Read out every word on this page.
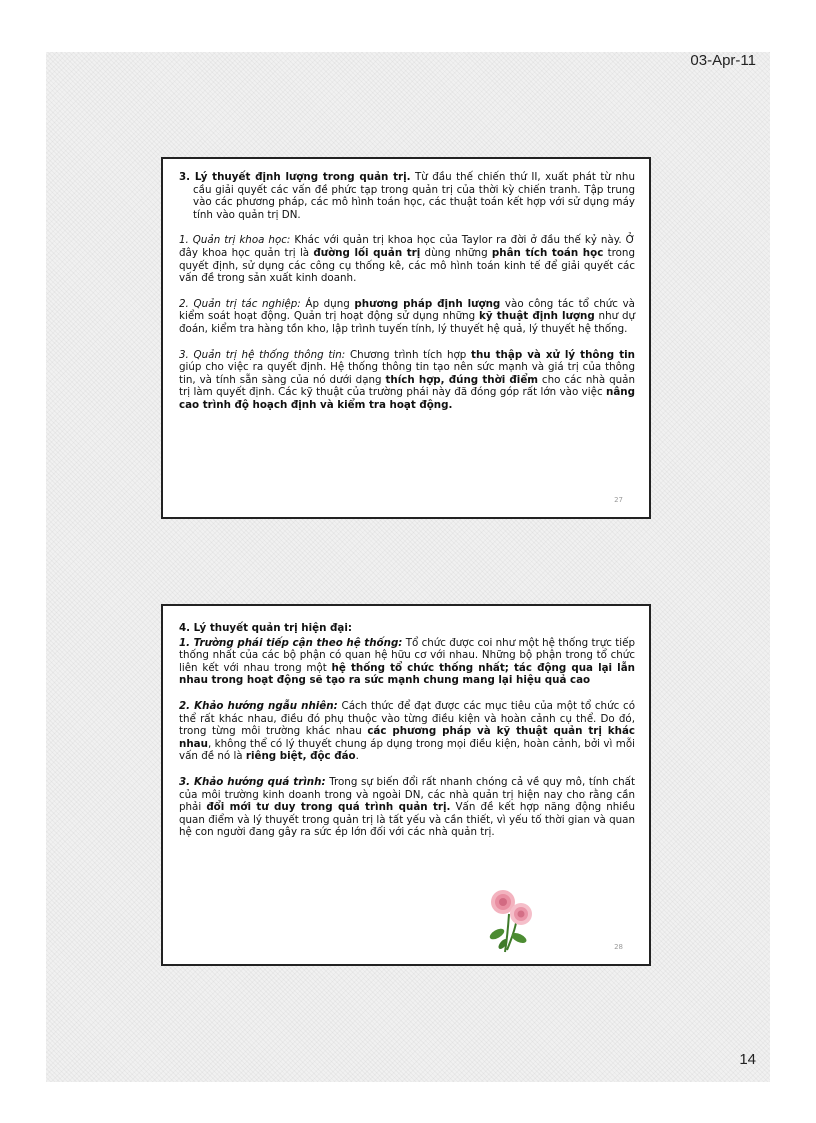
03-Apr-11

3. Lý thuyết định lượng trong quản trị. Từ đầu thế chiến thứ II, xuất phát từ nhu cầu giải quyết các vấn đề phức tạp trong quản trị của thời kỳ chiến tranh. Tập trung vào các phương pháp, các mô hình toán học, các thuật toán kết hợp với sử dụng máy tính vào quản trị DN.

1. Quản trị khoa học: Khác với quản trị khoa học của Taylor ra đời ở đầu thế kỷ này. Ở đây khoa học quản trị là đường lối quản trị dùng những phân tích toán học trong quyết định, sử dụng các công cụ thống kê, các mô hình toán kinh tế để giải quyết các vấn đề trong sản xuất kinh doanh.

2. Quản trị tác nghiệp: Áp dụng phương pháp định lượng vào công tác tổ chức và kiểm soát hoạt động. Quản trị hoạt động sử dụng những kỹ thuật định lượng như dự đoán, kiểm tra hàng tồn kho, lập trình tuyến tính, lý thuyết hệ quả, lý thuyết hệ thống.

3. Quản trị hệ thống thông tin: Chương trình tích hợp thu thập và xử lý thông tin giúp cho việc ra quyết định. Hệ thống thông tin tạo nên sức mạnh và giá trị của thông tin, và tính sẵn sàng của nó dưới dạng thích hợp, đúng thời điểm cho các nhà quản trị làm quyết định. Các kỹ thuật của trường phái này đã đóng góp rất lớn vào việc nâng cao trình độ hoạch định và kiểm tra hoạt động.

27

4. Lý thuyết quản trị hiện đại:

1. Trường phái tiếp cận theo hệ thống: Tổ chức được coi như một hệ thống trực tiếp thống nhất của các bộ phận có quan hệ hữu cơ với nhau. Những bộ phận trong tổ chức liên kết với nhau trong một hệ thống tổ chức thống nhất; tác động qua lại lẫn nhau trong hoạt động sẽ tạo ra sức mạnh chung mang lại hiệu quả cao

2. Khảo hướng ngẫu nhiên: Cách thức để đạt được các mục tiêu của một tổ chức có thể rất khác nhau, điều đó phụ thuộc vào từng điều kiện và hoàn cảnh cụ thể. Do đó, trong từng môi trường khác nhau các phương pháp và kỹ thuật quản trị khác nhau, không thể có lý thuyết chung áp dụng trong mọi điều kiện, hoàn cảnh, bởi vì mỗi vấn đề nó là riêng biệt, độc đáo.

3. Khảo hướng quá trình: Trong sự biến đổi rất nhanh chóng cả về quy mô, tính chất của môi trường kinh doanh trong và ngoài DN, các nhà quản trị hiện nay cho rằng cần phải đổi mới tư duy trong quá trình quản trị. Vấn đề kết hợp năng động nhiều quan điểm và lý thuyết trong quản trị là tất yếu và cần thiết, vì yếu tố thời gian và quan hệ con người đang gây ra sức ép lớn đối với các nhà quản trị.

28
14
